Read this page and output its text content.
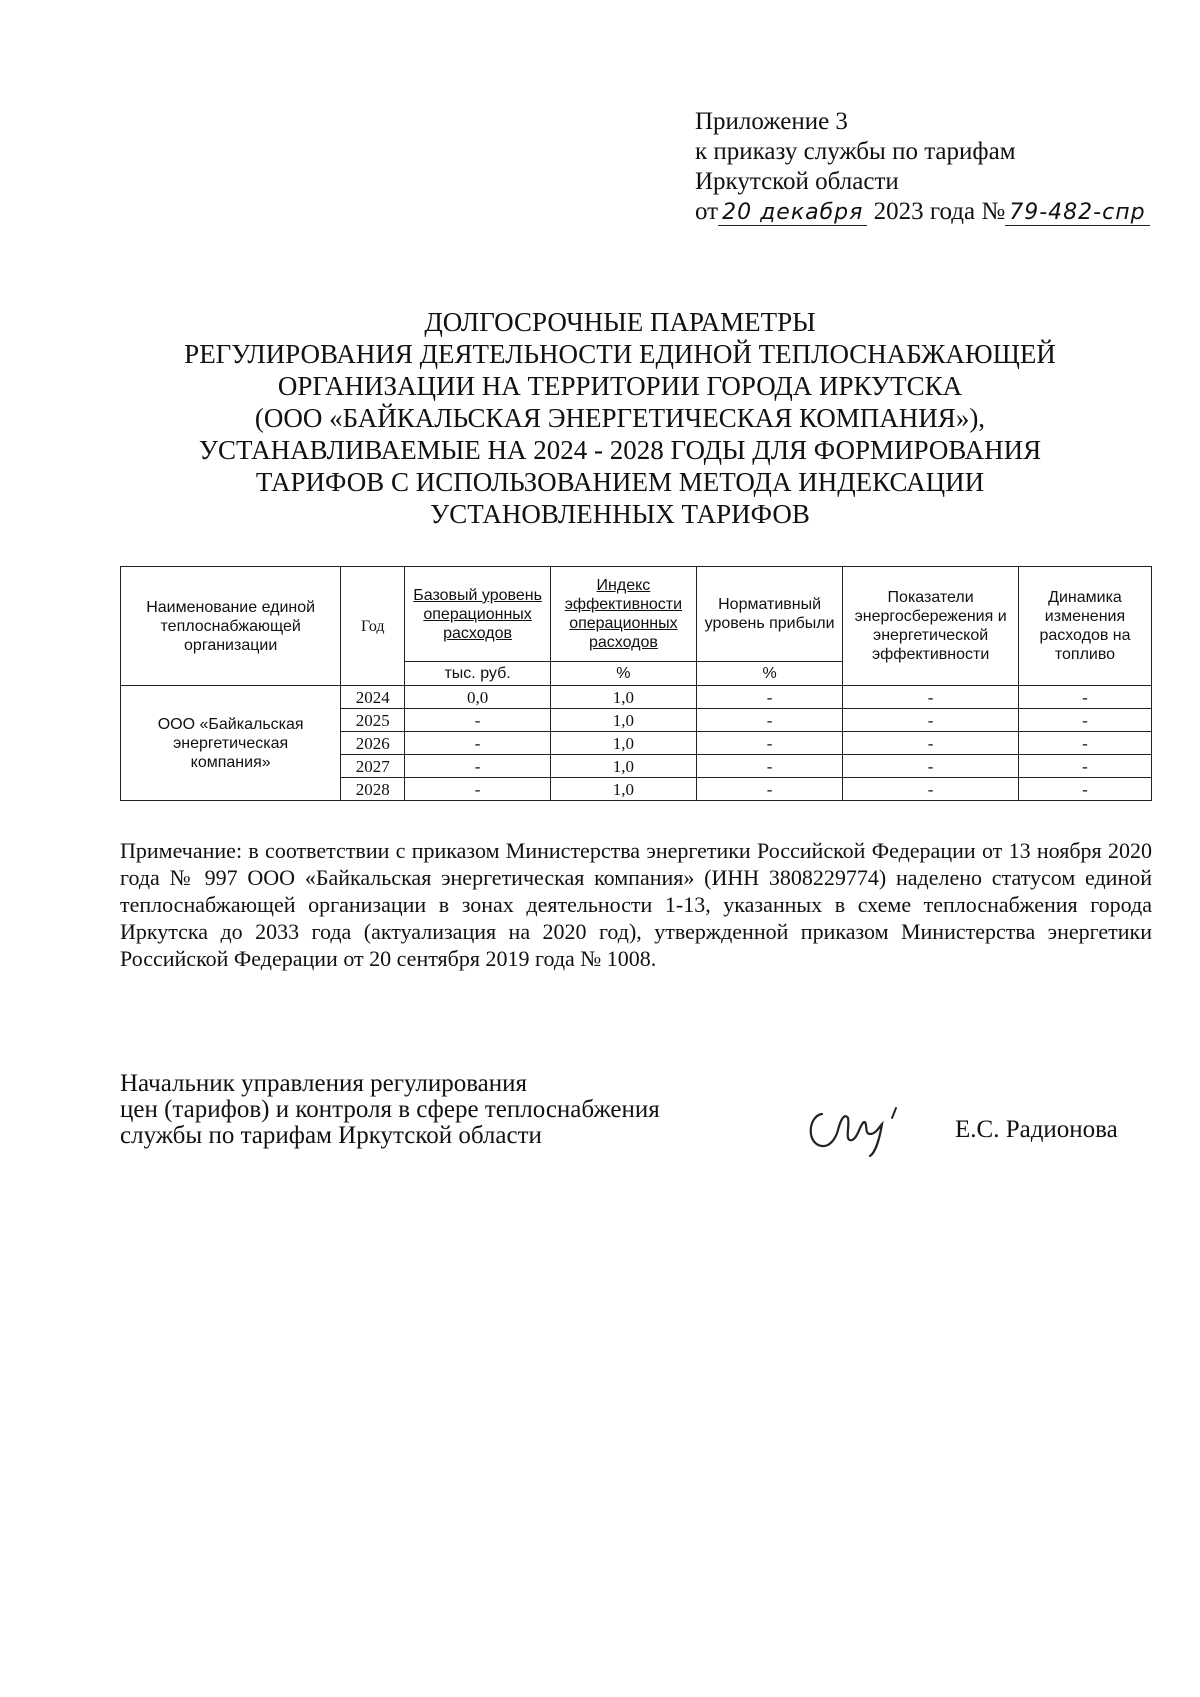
Приложение 3
к приказу службы по тарифам
Иркутской области
от 20 декабря 2023 года № 79-482-спр
ДОЛГОСРОЧНЫЕ ПАРАМЕТРЫ
РЕГУЛИРОВАНИЯ ДЕЯТЕЛЬНОСТИ ЕДИНОЙ ТЕПЛОСНАБЖАЮЩЕЙ
ОРГАНИЗАЦИИ НА ТЕРРИТОРИИ ГОРОДА ИРКУТСКА
(ООО «БАЙКАЛЬСКАЯ ЭНЕРГЕТИЧЕСКАЯ КОМПАНИЯ»),
УСТАНАВЛИВАЕМЫЕ НА 2024 - 2028 ГОДЫ ДЛЯ ФОРМИРОВАНИЯ
ТАРИФОВ С ИСПОЛЬЗОВАНИЕМ МЕТОДА ИНДЕКСАЦИИ
УСТАНОВЛЕННЫХ ТАРИФОВ
Наименование единой теплоснабжающей организации	Год	Базовый уровень операционных расходов	Индекс эффективности операционных расходов	Нормативный уровень прибыли	Показатели энергосбережения и энергетической эффективности	Динамика изменения расходов на топливо
		тыс. руб.	%	%		
ООО «Байкальская энергетическая компания»	2024	0,0	1,0	-	-	-
	2025	-	1,0	-	-	-
	2026	-	1,0	-	-	-
	2027	-	1,0	-	-	-
	2028	-	1,0	-	-	-

Примечание: в соответствии с приказом Министерства энергетики Российской Федерации от 13 ноября 2020 года № 997 ООО «Байкальская энергетическая компания» (ИНН 3808229774) наделено статусом единой теплоснабжающей организации в зонах деятельности 1-13, указанных в схеме теплоснабжения города Иркутска до 2033 года (актуализация на 2020 год), утвержденной приказом Министерства энергетики Российской Федерации от 20 сентября 2019 года № 1008.

Начальник управления регулирования
цен (тарифов) и контроля в сфере теплоснабжения
службы по тарифам Иркутской области	Е.С. Радионова
